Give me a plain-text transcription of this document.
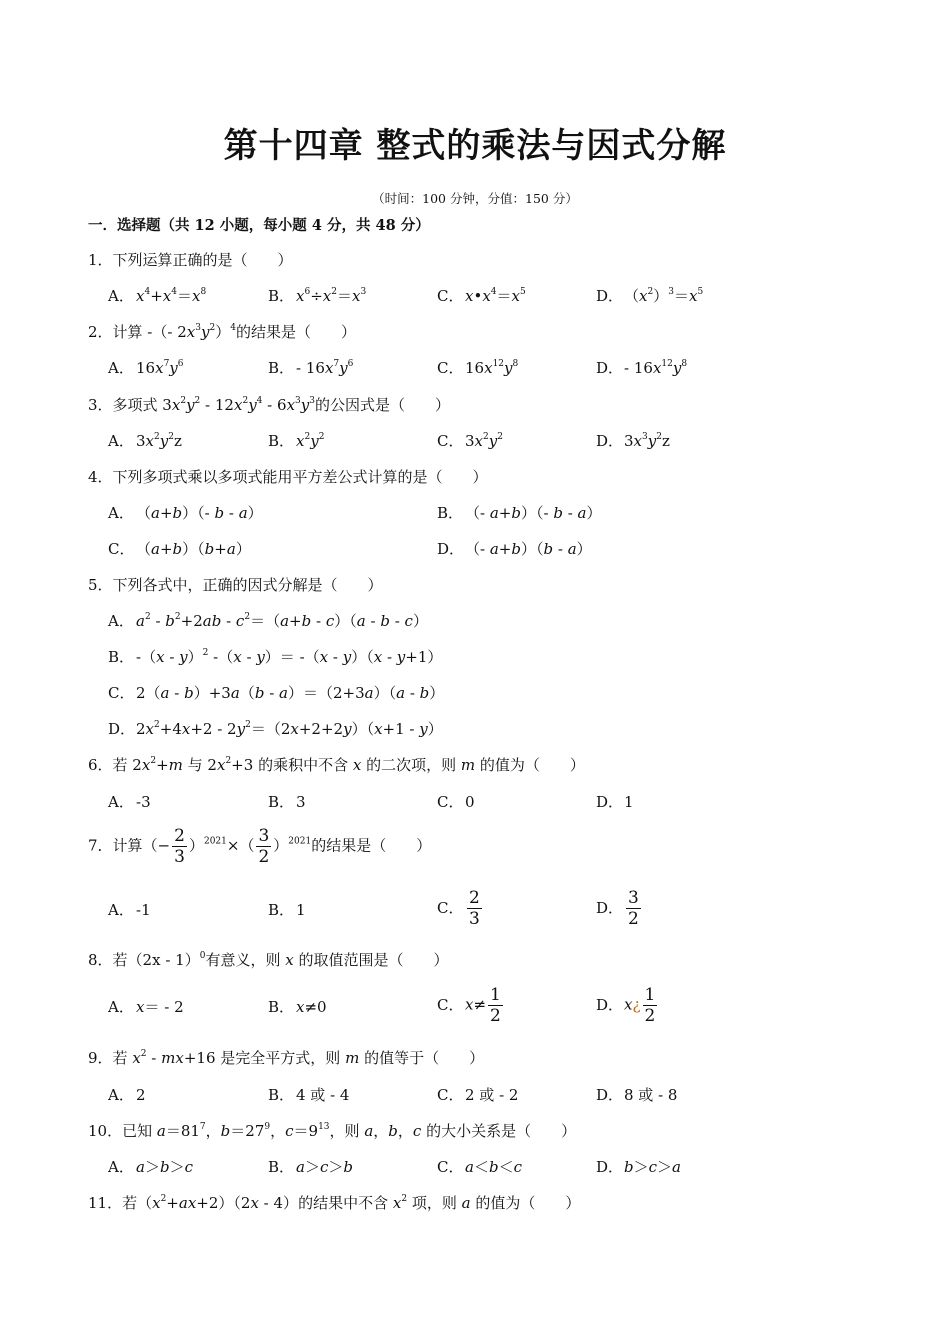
第十四章 整式的乘法与因式分解
（时间：100 分钟，分值：150 分）
一．选择题（共 12 小题，每小题 4 分，共 48 分）
1．下列运算正确的是（　　）
A． $x^4+x^4=x^8$	B． $x^6\div x^2=x^3$	C． $x•x^4=x^5$	D．$(x^2)^3=x^5$
2．计算 -（- $2x^3y^2)^4$的结果是（　　）
A． $16x^7y^6$	B． - $16x^7y^6$	C． $16x^{12}y^8$	D．- $16x^{12}y^8$
3．多项式 $3x^2y^2 - 12x^2y^4 - 6x^3y^3$的公因式是（　　）
A． $3x^2y^2z$	B． $x^2y^2$	C． $3x^2y^2$	D．$3x^3y^2z$
4．下列多项式乘以多项式能用平方差公式计算的是（　　）
A． （a+b）（- b - a）	B． （- a+b）（- b - a）
C． （a+b）（b+a）	D．（- a+b）（b - a）
5．下列各式中，正确的因式分解是（　　）
A． $a^2 - b^2+2ab - c^2=(a+b - c)(a - b - c)$
B． -（x - y）$^2$ -（x - y）＝ -（x - y）（x - y+1）
C． 2（a - b）+3a（b - a）＝（2+3a）（a - b）
D．$2x^2+4x+2 - 2y^2=(2x+2+2y)(x+1 - y)$
6．若 $2x^2+m$ 与 $2x^2+3$ 的乘积中不含 x 的二次项，则 m 的值为（　　）
A． -3	B． 3	C． 0	D．1
7．计算（− $\frac{2}{3} )^{2021}\times( \frac{3}{2} )^{2021}$的结果是（　　）
A． -1	B． 1	C． $\frac{2}{3}$	D． $\frac{3}{2}$
8．若（2x - 1）$^0$有意义，则 x 的取值范围是（　　）
A． x＝ - 2	B． x≠0	C． $x\ne \frac{1}{2}$	D．x¿ $\frac{1}{2}$
9．若 $x^2 - mx+16$ 是完全平方式，则 m 的值等于（　　）
A． 2	B． 4 或 - 4	C． 2 或 - 2	D．8 或 - 8
10．已知 $a=81^7$，$b=27^9$，$c=9^{13}$，则 a，b，c 的大小关系是（　　）
A． a＞b＞c	B． a＞c＞b	C． a＜b＜c	D．b＞c＞a
11．若$(x^2+ax+2)(2x - 4)$的结果中不含 $x^2$ 项，则 a 的值为（　　）
